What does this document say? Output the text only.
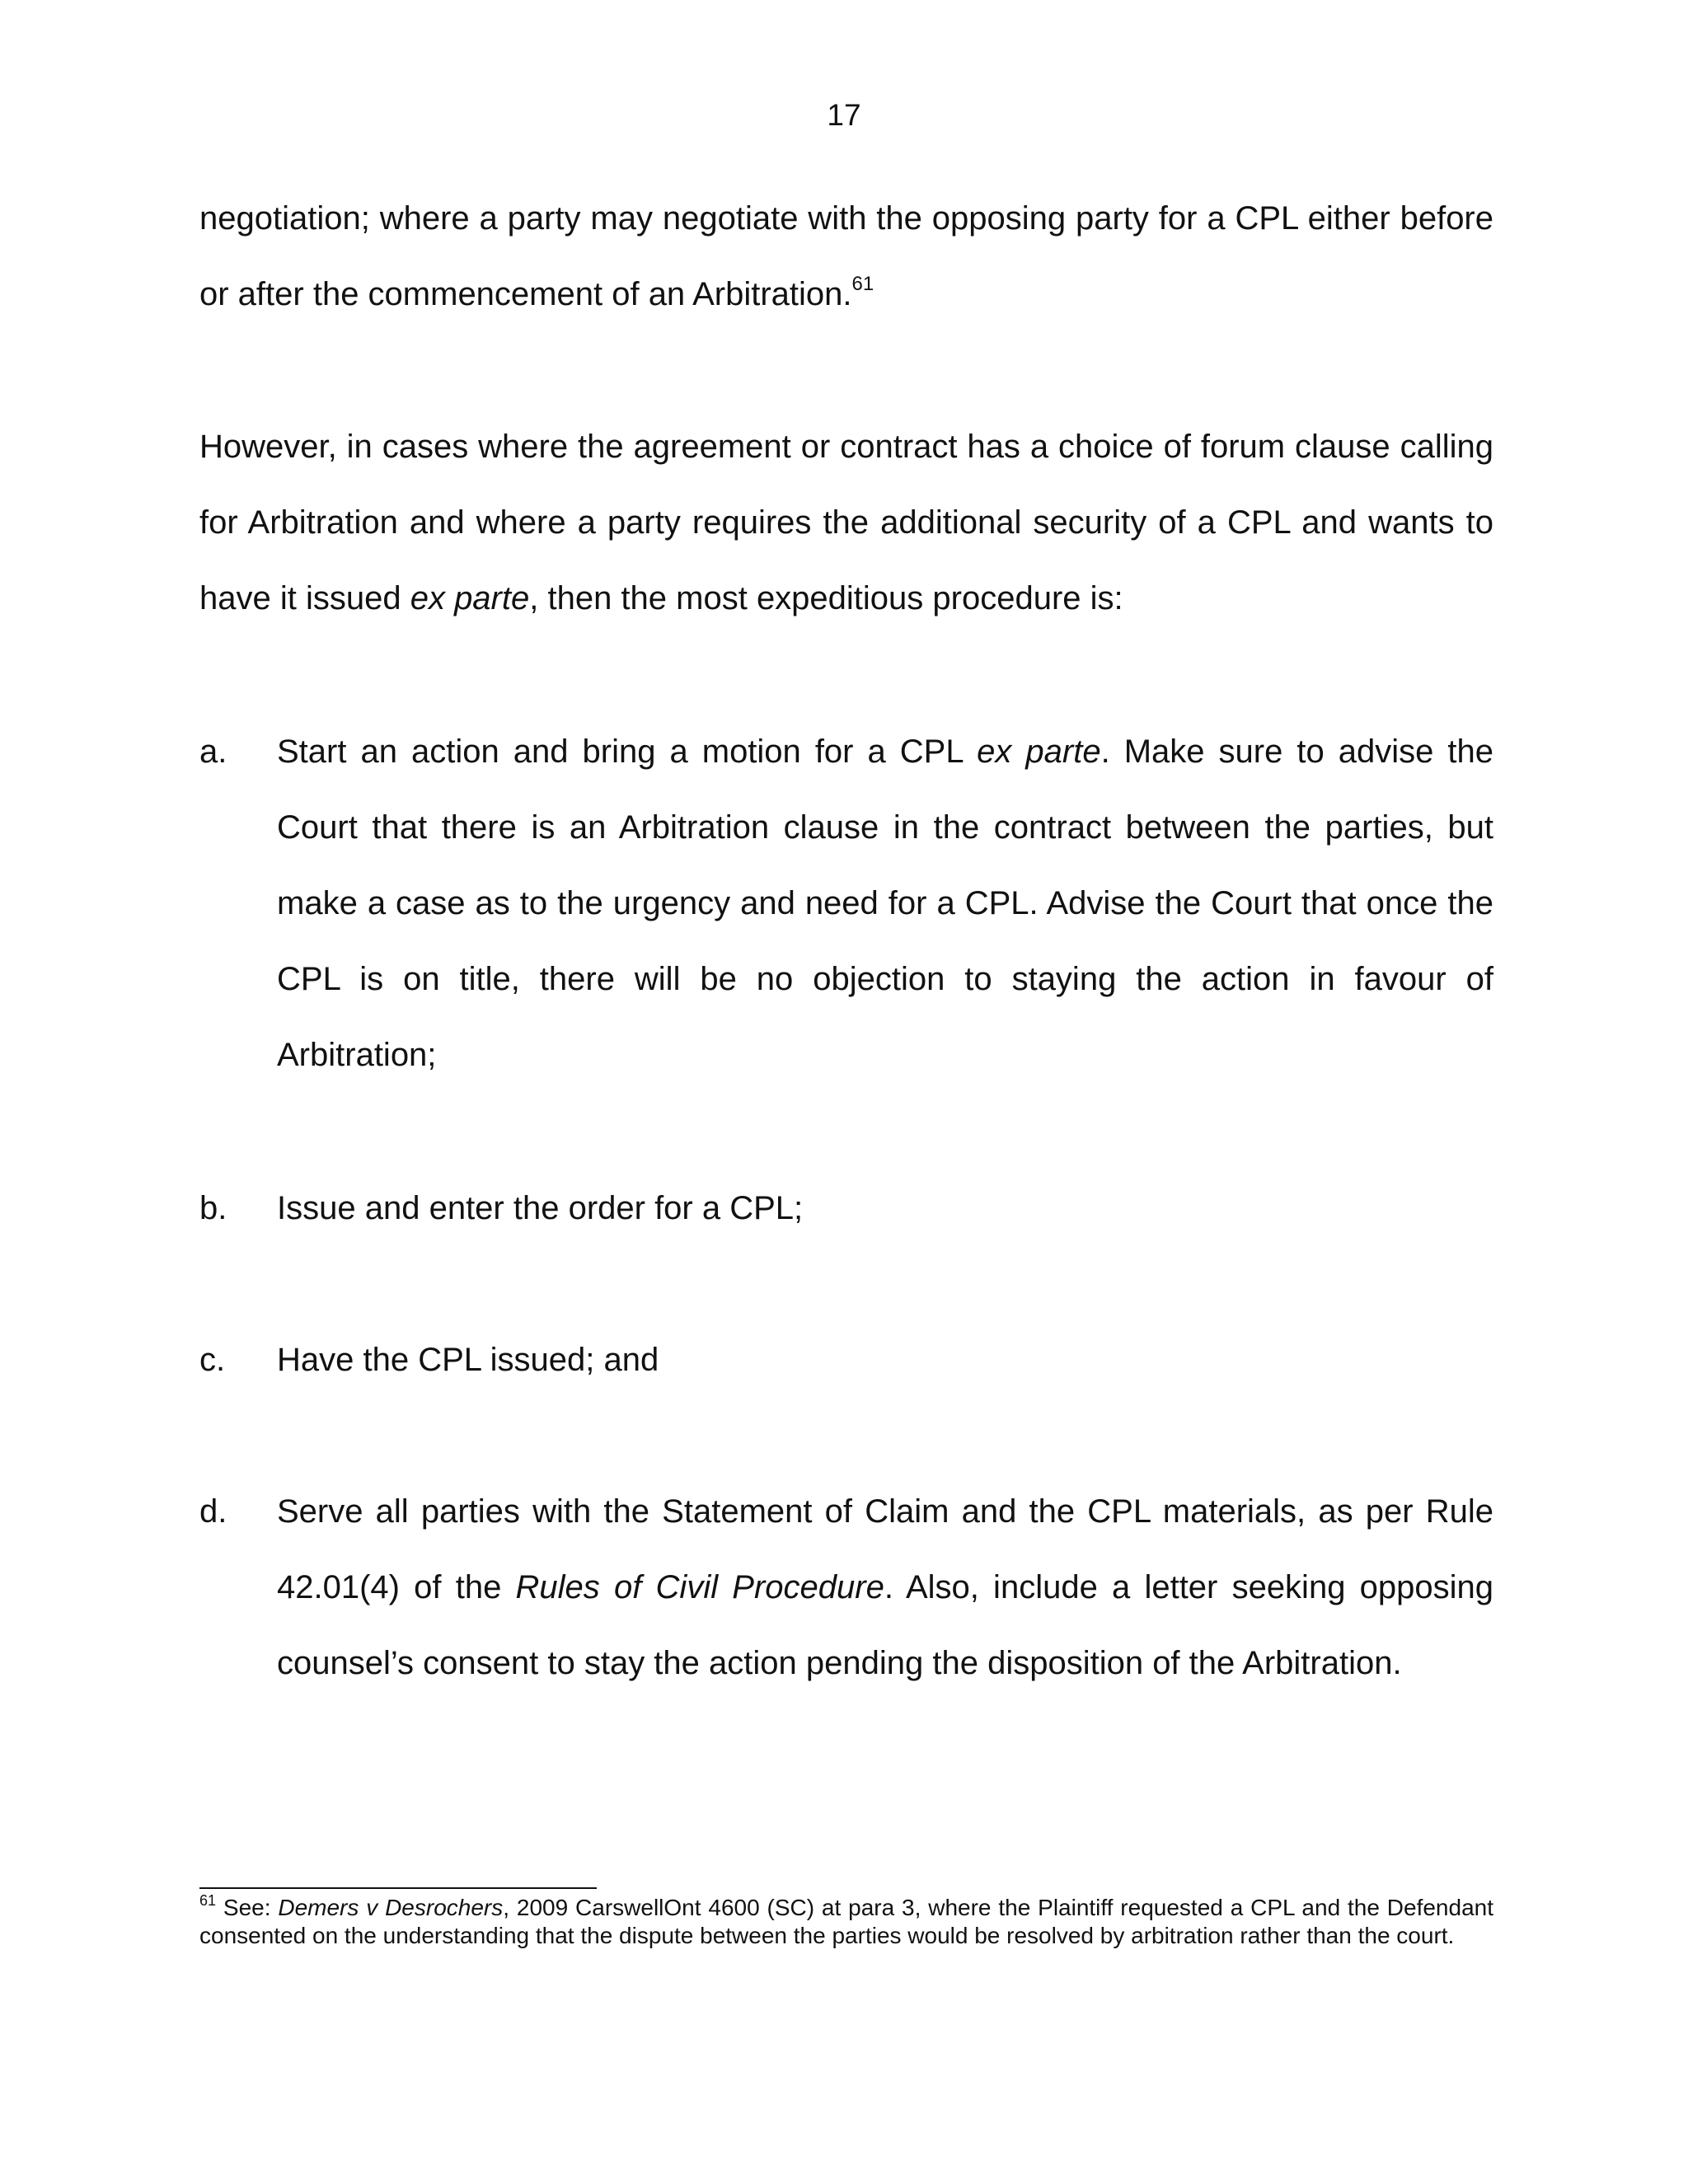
17
negotiation; where a party may negotiate with the opposing party for a CPL either before or after the commencement of an Arbitration.$^{61}$
However, in cases where the agreement or contract has a choice of forum clause calling for Arbitration and where a party requires the additional security of a CPL and wants to have it issued ex parte, then the most expeditious procedure is:
a. Start an action and bring a motion for a CPL ex parte. Make sure to advise the Court that there is an Arbitration clause in the contract between the parties, but make a case as to the urgency and need for a CPL. Advise the Court that once the CPL is on title, there will be no objection to staying the action in favour of Arbitration;
b. Issue and enter the order for a CPL;
c. Have the CPL issued; and
d. Serve all parties with the Statement of Claim and the CPL materials, as per Rule 42.01(4) of the Rules of Civil Procedure. Also, include a letter seeking opposing counsel’s consent to stay the action pending the disposition of the Arbitration.
$^{61}$ See: Demers v Desrochers, 2009 CarswellOnt 4600 (SC) at para 3, where the Plaintiff requested a CPL and the Defendant consented on the understanding that the dispute between the parties would be resolved by arbitration rather than the court.
